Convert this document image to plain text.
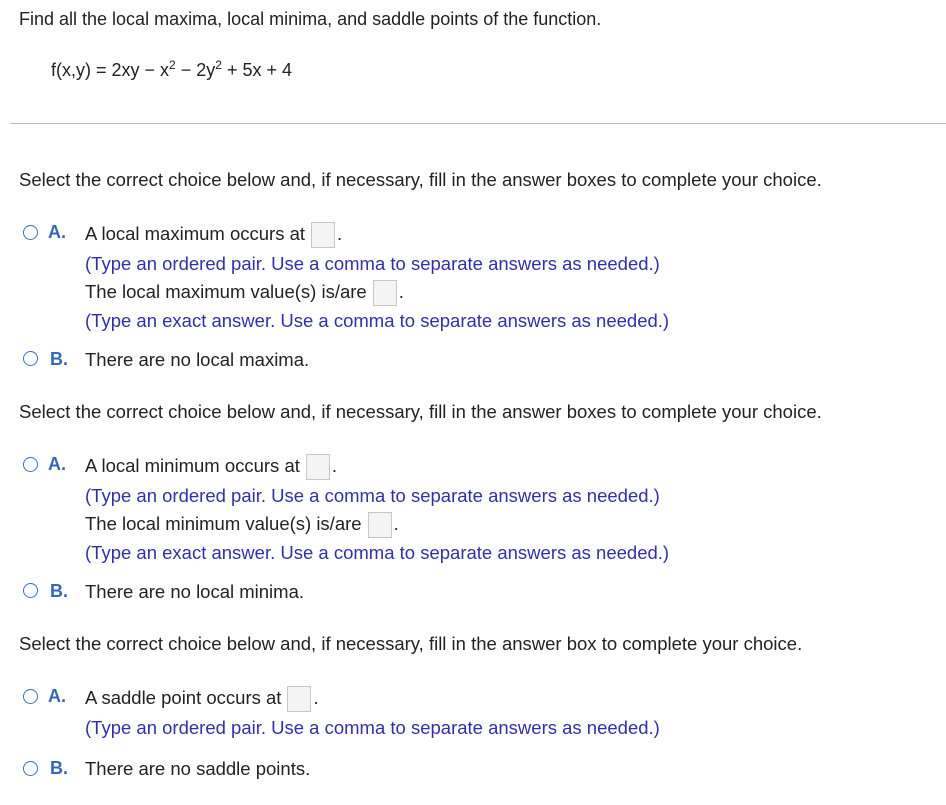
Find all the local maxima, local minima, and saddle points of the function.
$f(x,y) = 2xy - x^2 - 2y^2 + 5x + 4$
Select the correct choice below and, if necessary, fill in the answer boxes to complete your choice.
A. A local maximum occurs at .
(Type an ordered pair. Use a comma to separate answers as needed.)
The local maximum value(s) is/are .
(Type an exact answer. Use a comma to separate answers as needed.)
B. There are no local maxima.
Select the correct choice below and, if necessary, fill in the answer boxes to complete your choice.
A. A local minimum occurs at .
(Type an ordered pair. Use a comma to separate answers as needed.)
The local minimum value(s) is/are .
(Type an exact answer. Use a comma to separate answers as needed.)
B. There are no local minima.
Select the correct choice below and, if necessary, fill in the answer box to complete your choice.
A. A saddle point occurs at .
(Type an ordered pair. Use a comma to separate answers as needed.)
B. There are no saddle points.
